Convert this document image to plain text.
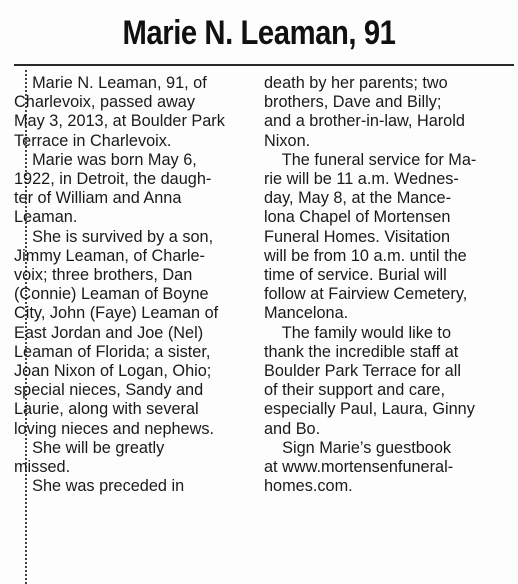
Marie N. Leaman, 91

Marie N. Leaman, 91, of

Charlevoix, passed away

May 3, 2013, at Boulder Park

Terrace in Charlevoix.

Marie was born May 6,

1922, in Detroit, the daugh-

ter of William and Anna

Leaman.

She is survived by a son,

Jimmy Leaman, of Charle-

voix; three brothers, Dan

(Connie) Leaman of Boyne

City, John (Faye) Leaman of

East Jordan and Joe (Nel)

Leaman of Florida; a sister,

Joan Nixon of Logan, Ohio;

special nieces, Sandy and

Laurie, along with several

loving nieces and nephews.

She will be greatly

missed.

She was preceded in

death by her parents; two

brothers, Dave and Billy;

and a brother-in-law, Harold

Nixon.

The funeral service for Ma-

rie will be 11 a.m. Wednes-

day, May 8, at the Mance-

lona Chapel of Mortensen

Funeral Homes. Visitation

will be from 10 a.m. until the

time of service. Burial will

follow at Fairview Cemetery,

Mancelona.

The family would like to

thank the incredible staff at

Boulder Park Terrace for all

of their support and care,

especially Paul, Laura, Ginny

and Bo.

Sign Marie’s guestbook

at www.mortensenfuneral-

homes.com.
